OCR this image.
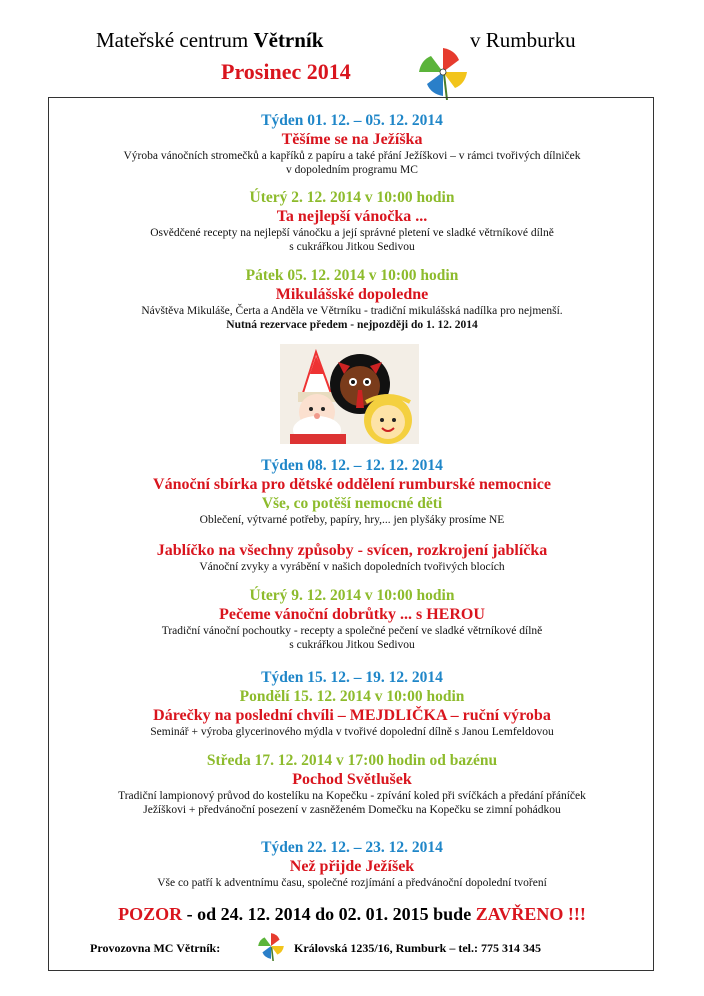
Mateřské centrum Větrník	v Rumburku
Prosinec 2014
Týden 01. 12. – 05. 12. 2014
Těšíme se na Ježíška
Výroba vánočních stromečků a kapříků z papíru a také přání Ježíškovi – v rámci tvořivých dílniček
v dopoledním programu MC
Úterý 2. 12. 2014 v 10:00 hodin
Ta nejlepší vánočka ...
Osvědčené recepty na nejlepší vánočku a její správné pletení ve sladké větrníkové dílně
s cukrářkou Jitkou Sedivou
Pátek 05. 12. 2014 v 10:00 hodin
Mikulášské dopoledne
Návštěva Mikuláše, Čerta a Anděla ve Větrníku - tradiční mikulášská nadílka pro nejmenší.
Nutná rezervace předem - nejpozději do 1. 12. 2014
Týden 08. 12. – 12. 12. 2014
Vánoční sbírka pro dětské oddělení rumburské nemocnice
Vše, co potěší nemocné děti
Oblečení, výtvarné potřeby, papíry, hry,... jen plyšáky prosíme NE
Jablíčko na všechny způsoby - svícen, rozkrojení jablíčka
Vánoční zvyky a vyrábění v našich dopoledních tvořivých blocích
Úterý 9. 12. 2014 v 10:00 hodin
Pečeme vánoční dobrůtky ... s HEROU
Tradiční vánoční pochoutky - recepty a společné pečení ve sladké větrníkové dílně
s cukrářkou Jitkou Sedivou
Týden 15. 12. – 19. 12. 2014
Pondělí 15. 12. 2014 v 10:00 hodin
Dárečky na poslední chvíli – MEJDLIČKA – ruční výroba
Seminář + výroba glycerinového mýdla v tvořivé dopolední dílně s Janou Lemfeldovou
Středa 17. 12. 2014 v 17:00 hodin od bazénu
Pochod Světlušek
Tradiční lampionový průvod do kostelíku na Kopečku - zpívání koled při svíčkách a předání přáníček
Ježíškovi + předvánoční posezení v zasněženém Domečku na Kopečku se zimní pohádkou
Týden 22. 12. – 23. 12. 2014
Než přijde Ježíšek
Vše co patří k adventnímu času, společné rozjímání a předvánoční dopolední tvoření
POZOR - od 24. 12. 2014 do 02. 01. 2015 bude ZAVŘENO !!!
Provozovna MC Větrník:	Královská 1235/16, Rumburk – tel.: 775 314 345
